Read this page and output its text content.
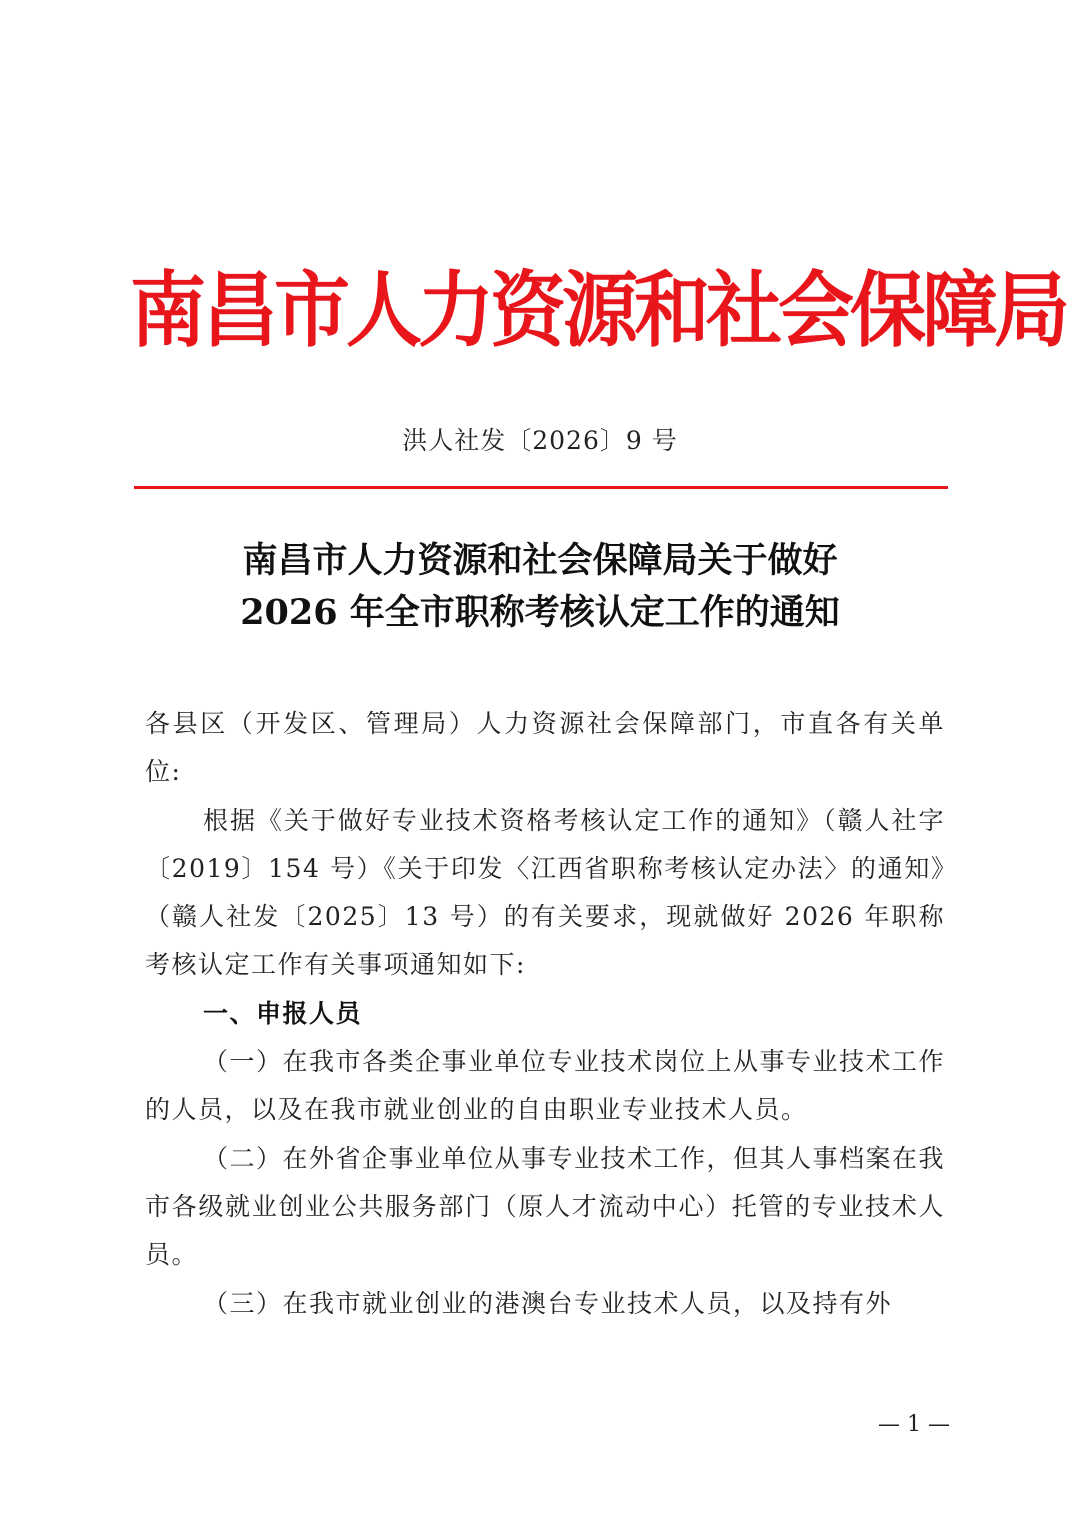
南昌市人力资源和社会保障局
洪人社发〔2026〕9 号
南昌市人力资源和社会保障局关于做好
2026 年全市职称考核认定工作的通知

各县区（开发区、管理局）人力资源社会保障部门，市直各有关单位:

根据《关于做好专业技术资格考核认定工作的通知》（赣人社字〔2019〕154 号）《关于印发〈江西省职称考核认定办法〉的通知》（赣人社发〔2025〕13 号）的有关要求，现就做好 2026 年职称考核认定工作有关事项通知如下:

一、申报人员

（一）在我市各类企事业单位专业技术岗位上从事专业技术工作的人员，以及在我市就业创业的自由职业专业技术人员。

（二）在外省企事业单位从事专业技术工作，但其人事档案在我市各级就业创业公共服务部门（原人才流动中心）托管的专业技术人员。

（三）在我市就业创业的港澳台专业技术人员，以及持有外

— 1 —
